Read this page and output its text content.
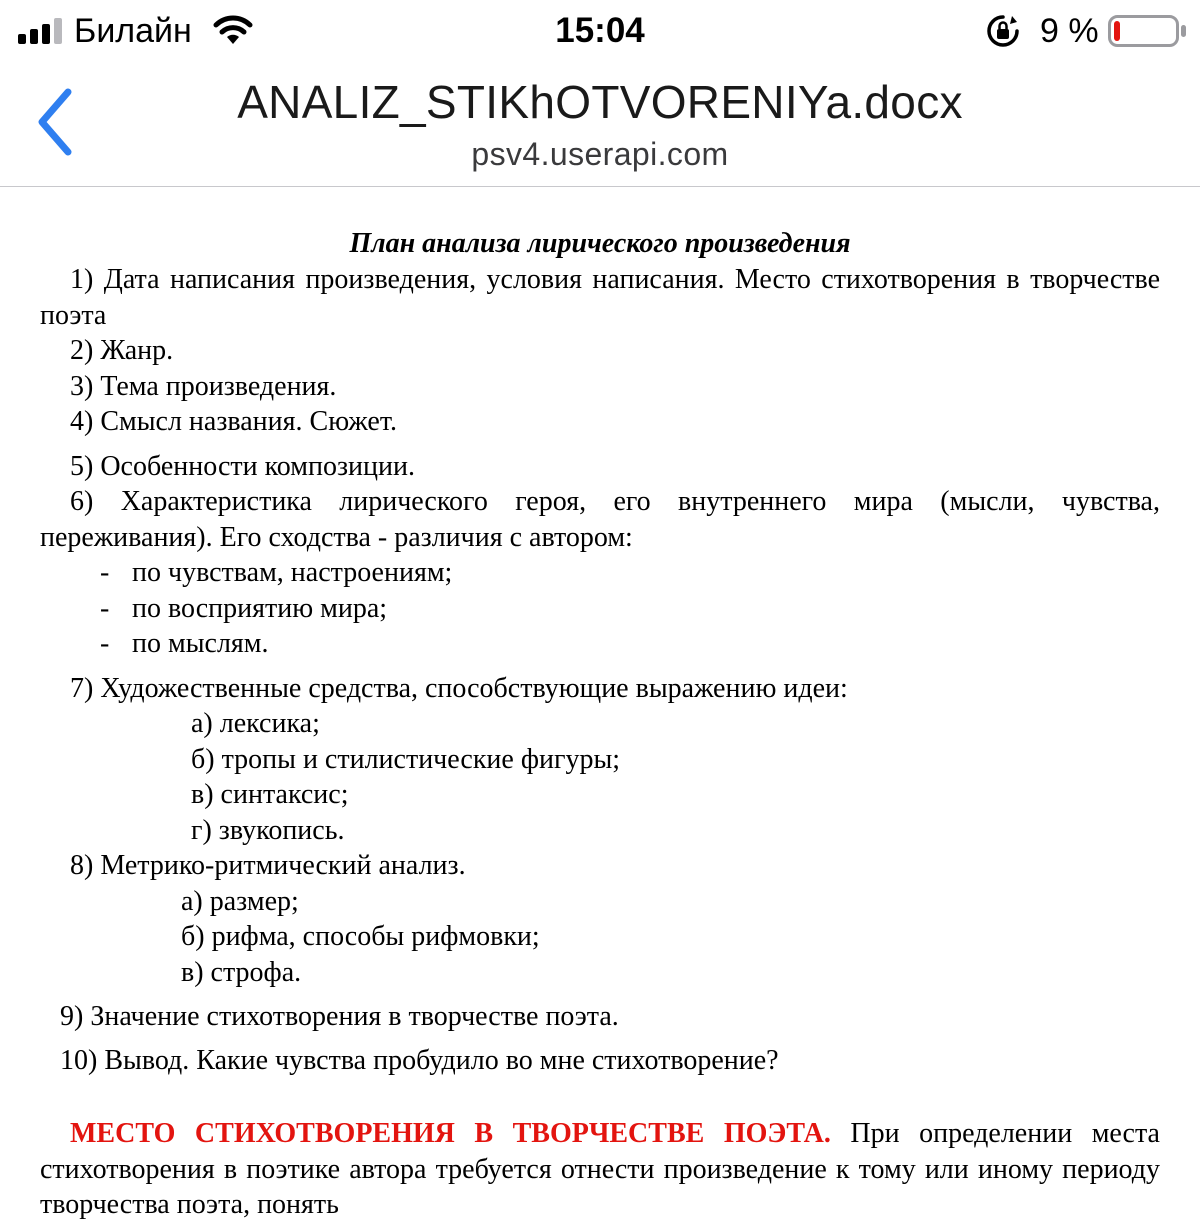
Билайн	15:04	9 %
ANALIZ_STIKhOTVORENIYa.docx
psv4.userapi.com
План анализа лирического произведения

1) Дата написания произведения, условия написания. Место стихотворения в творчестве поэта

2) Жанр.

3) Тема произведения.

4) Смысл названия. Сюжет.

5) Особенности композиции.

6) Характеристика лирического героя, его внутреннего мира (мысли, чувства, переживания). Его сходства - различия с автором:

- по чувствам, настроениям;

- по восприятию мира;

- по мыслям.

7) Художественные средства, способствующие выражению идеи:

а) лексика;

б) тропы и стилистические фигуры;

в) синтаксис;

г) звукопись.

8) Метрико-ритмический анализ.

а) размер;

б) рифма, способы рифмовки;

в) строфа.

9) Значение стихотворения в творчестве поэта.

10) Вывод. Какие чувства пробудило во мне стихотворение?

МЕСТО СТИХОТВОРЕНИЯ В ТВОРЧЕСТВЕ ПОЭТА. При определении места стихотворения в поэтике автора требуется отнести произведение к тому или иному периоду творчества поэта, понять
